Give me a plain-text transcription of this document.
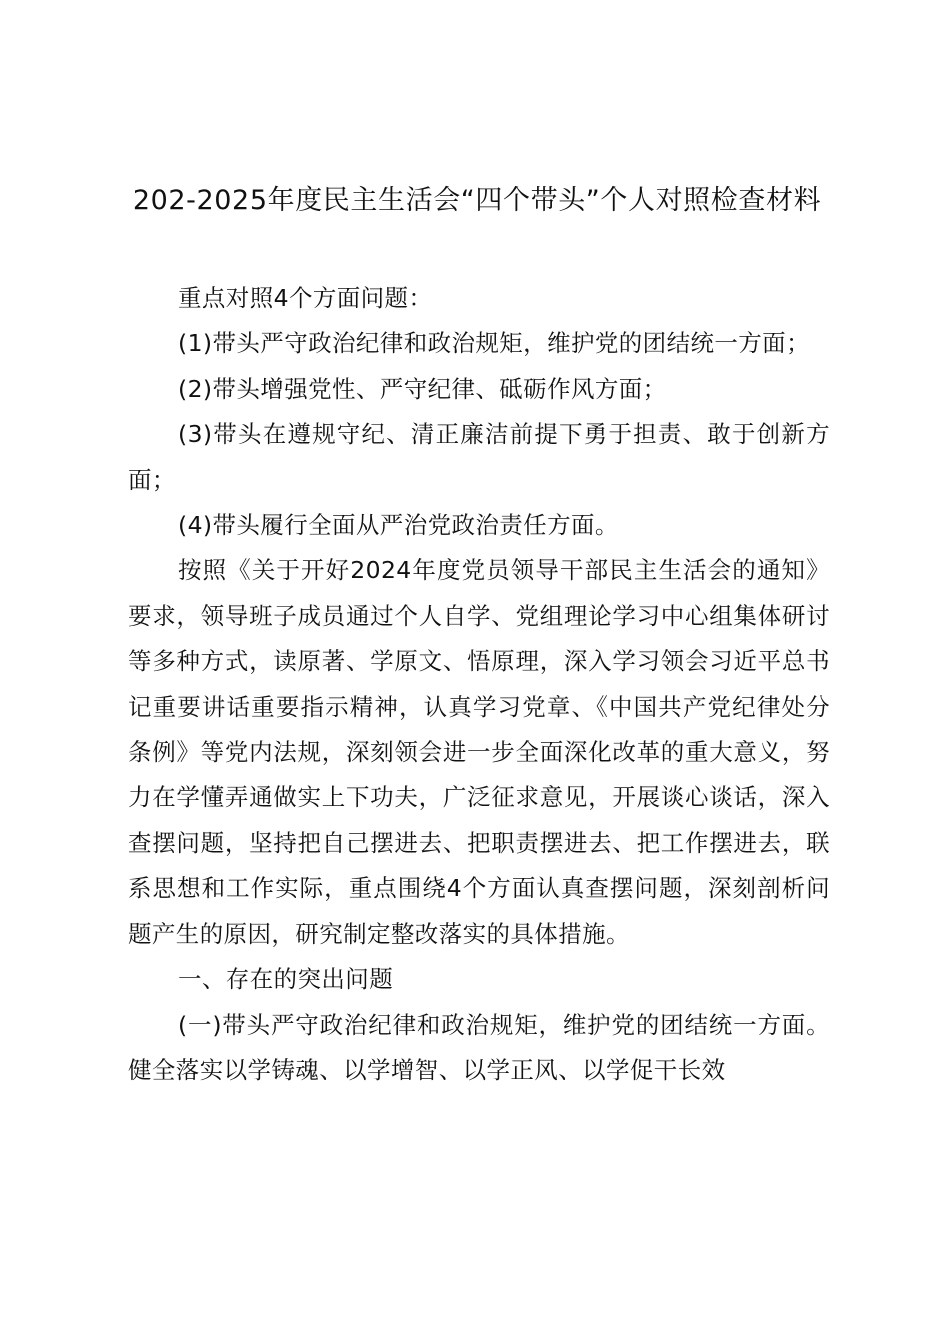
202-2025年度民主生活会“四个带头”个人对照检查材料

重点对照4个方面问题：

(1)带头严守政治纪律和政治规矩，维护党的团结统一方面；

(2)带头增强党性、严守纪律、砥砺作风方面；

(3)带头在遵规守纪、清正廉洁前提下勇于担责、敢于创新方面；

(4)带头履行全面从严治党政治责任方面。

按照《关于开好2024年度党员领导干部民主生活会的通知》要求，领导班子成员通过个人自学、党组理论学习中心组集体研讨等多种方式，读原著、学原文、悟原理，深入学习领会习近平总书记重要讲话重要指示精神，认真学习党章、《中国共产党纪律处分条例》等党内法规，深刻领会进一步全面深化改革的重大意义，努力在学懂弄通做实上下功夫，广泛征求意见，开展谈心谈话，深入查摆问题，坚持把自己摆进去、把职责摆进去、把工作摆进去，联系思想和工作实际，重点围绕4个方面认真查摆问题，深刻剖析问题产生的原因，研究制定整改落实的具体措施。

一、存在的突出问题

(一)带头严守政治纪律和政治规矩，维护党的团结统一方面。健全落实以学铸魂、以学增智、以学正风、以学促干长效
